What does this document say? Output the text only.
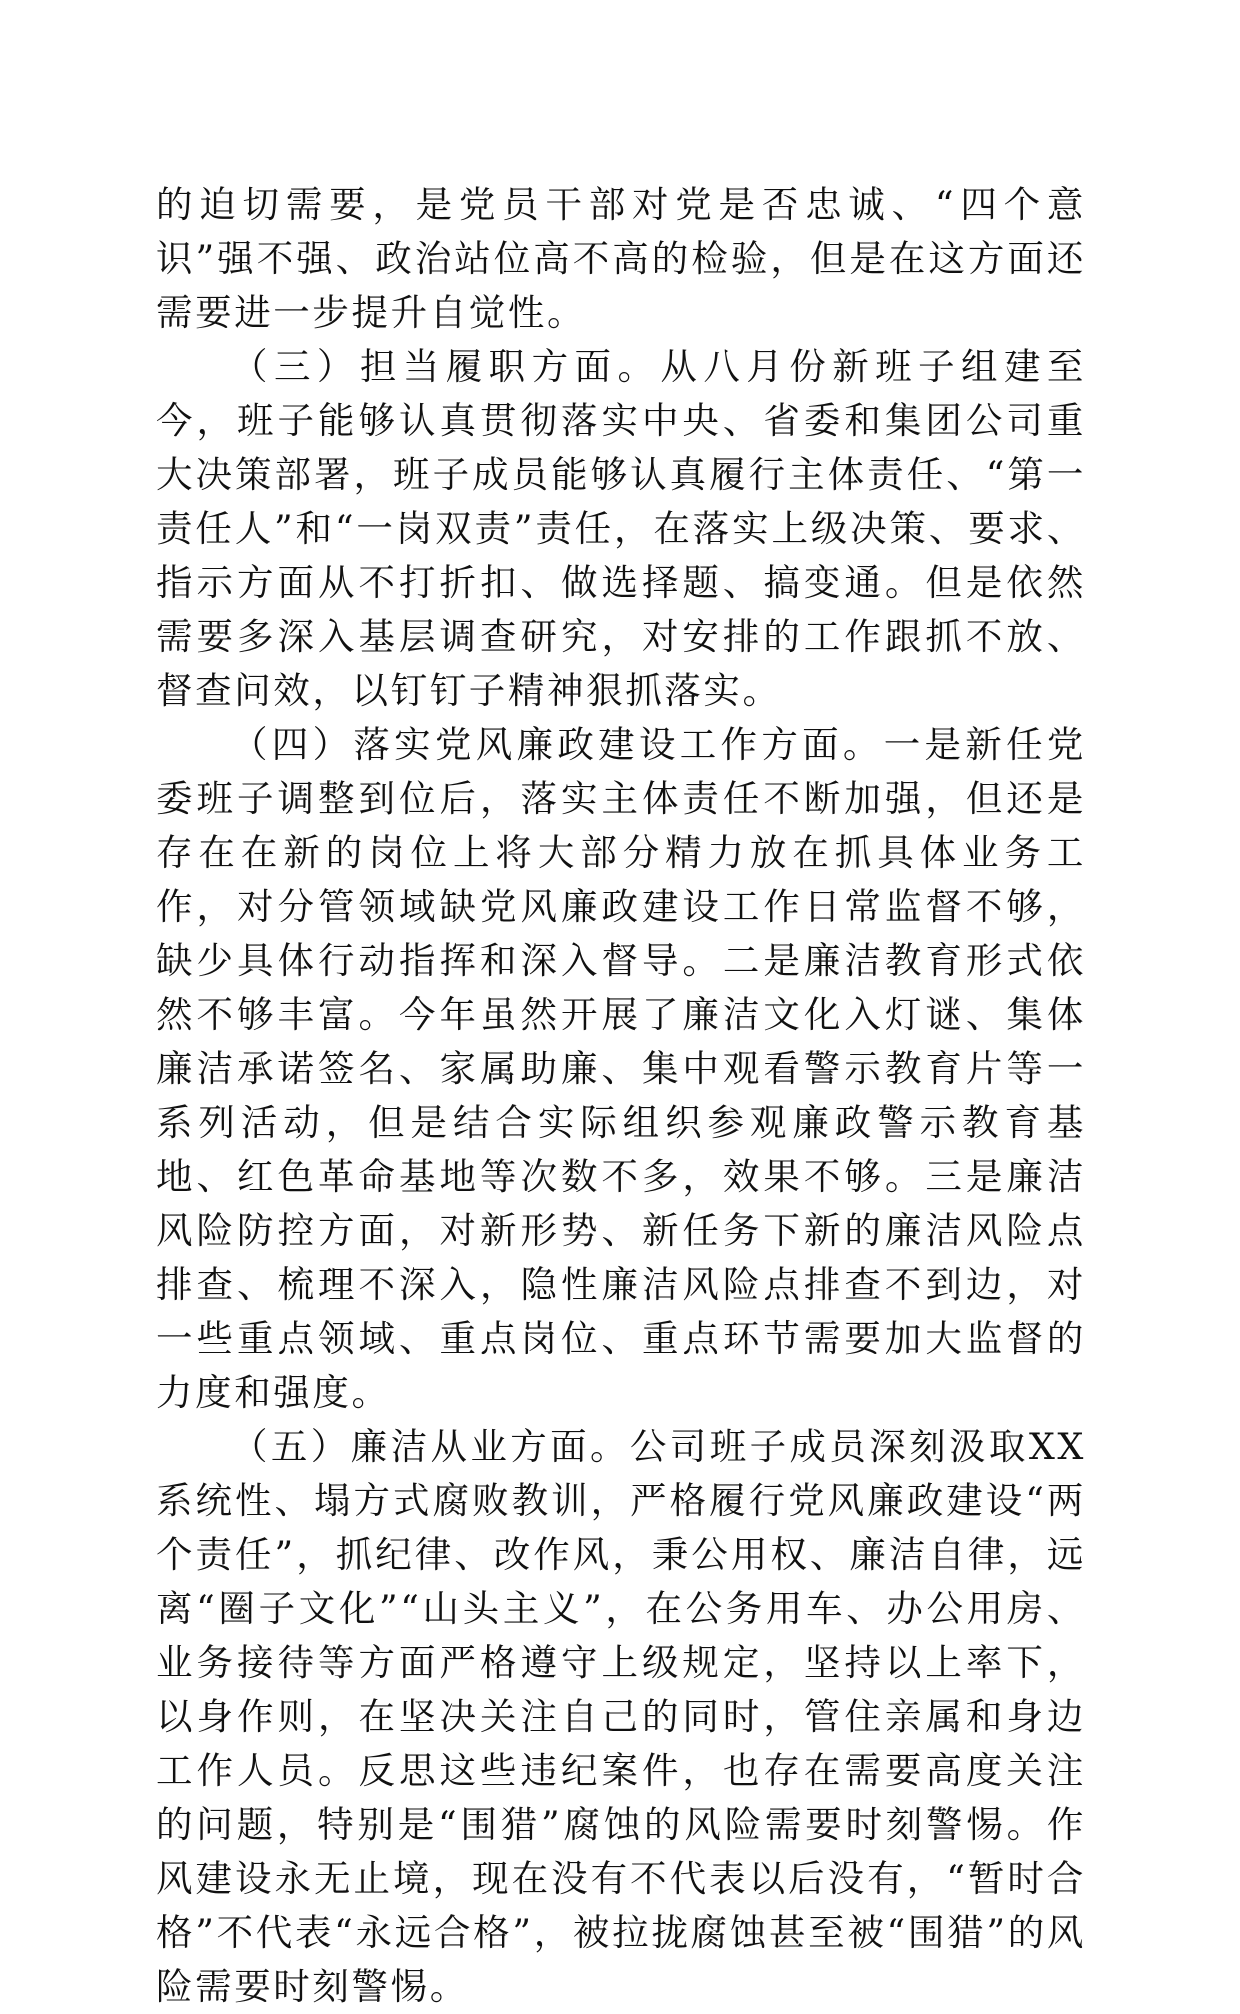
的迫切需要，是党员干部对党是否忠诚、“四个意识”强不强、政治站位高不高的检验，但是在这方面还需要进一步提升自觉性。

（三）担当履职方面。从八月份新班子组建至今，班子能够认真贯彻落实中央、省委和集团公司重大决策部署，班子成员能够认真履行主体责任、“第一责任人”和“一岗双责”责任，在落实上级决策、要求、指示方面从不打折扣、做选择题、搞变通。但是依然需要多深入基层调查研究，对安排的工作跟抓不放、督查问效，以钉钉子精神狠抓落实。

（四）落实党风廉政建设工作方面。一是新任党委班子调整到位后，落实主体责任不断加强，但还是存在在新的岗位上将大部分精力放在抓具体业务工作，对分管领域缺党风廉政建设工作日常监督不够，缺少具体行动指挥和深入督导。二是廉洁教育形式依然不够丰富。今年虽然开展了廉洁文化入灯谜、集体廉洁承诺签名、家属助廉、集中观看警示教育片等一系列活动，但是结合实际组织参观廉政警示教育基地、红色革命基地等次数不多，效果不够。三是廉洁风险防控方面，对新形势、新任务下新的廉洁风险点排查、梳理不深入，隐性廉洁风险点排查不到边，对一些重点领域、重点岗位、重点环节需要加大监督的力度和强度。

（五）廉洁从业方面。公司班子成员深刻汲取XX系统性、塌方式腐败教训，严格履行党风廉政建设“两个责任”，抓纪律、改作风，秉公用权、廉洁自律，远离“圈子文化”“山头主义”，在公务用车、办公用房、业务接待等方面严格遵守上级规定，坚持以上率下，以身作则，在坚决关注自己的同时，管住亲属和身边工作人员。反思这些违纪案件，也存在需要高度关注的问题，特别是“围猎”腐蚀的风险需要时刻警惕。作风建设永无止境，现在没有不代表以后没有，“暂时合格”不代表“永远合格”，被拉拢腐蚀甚至被“围猎”的风险需要时刻警惕。
